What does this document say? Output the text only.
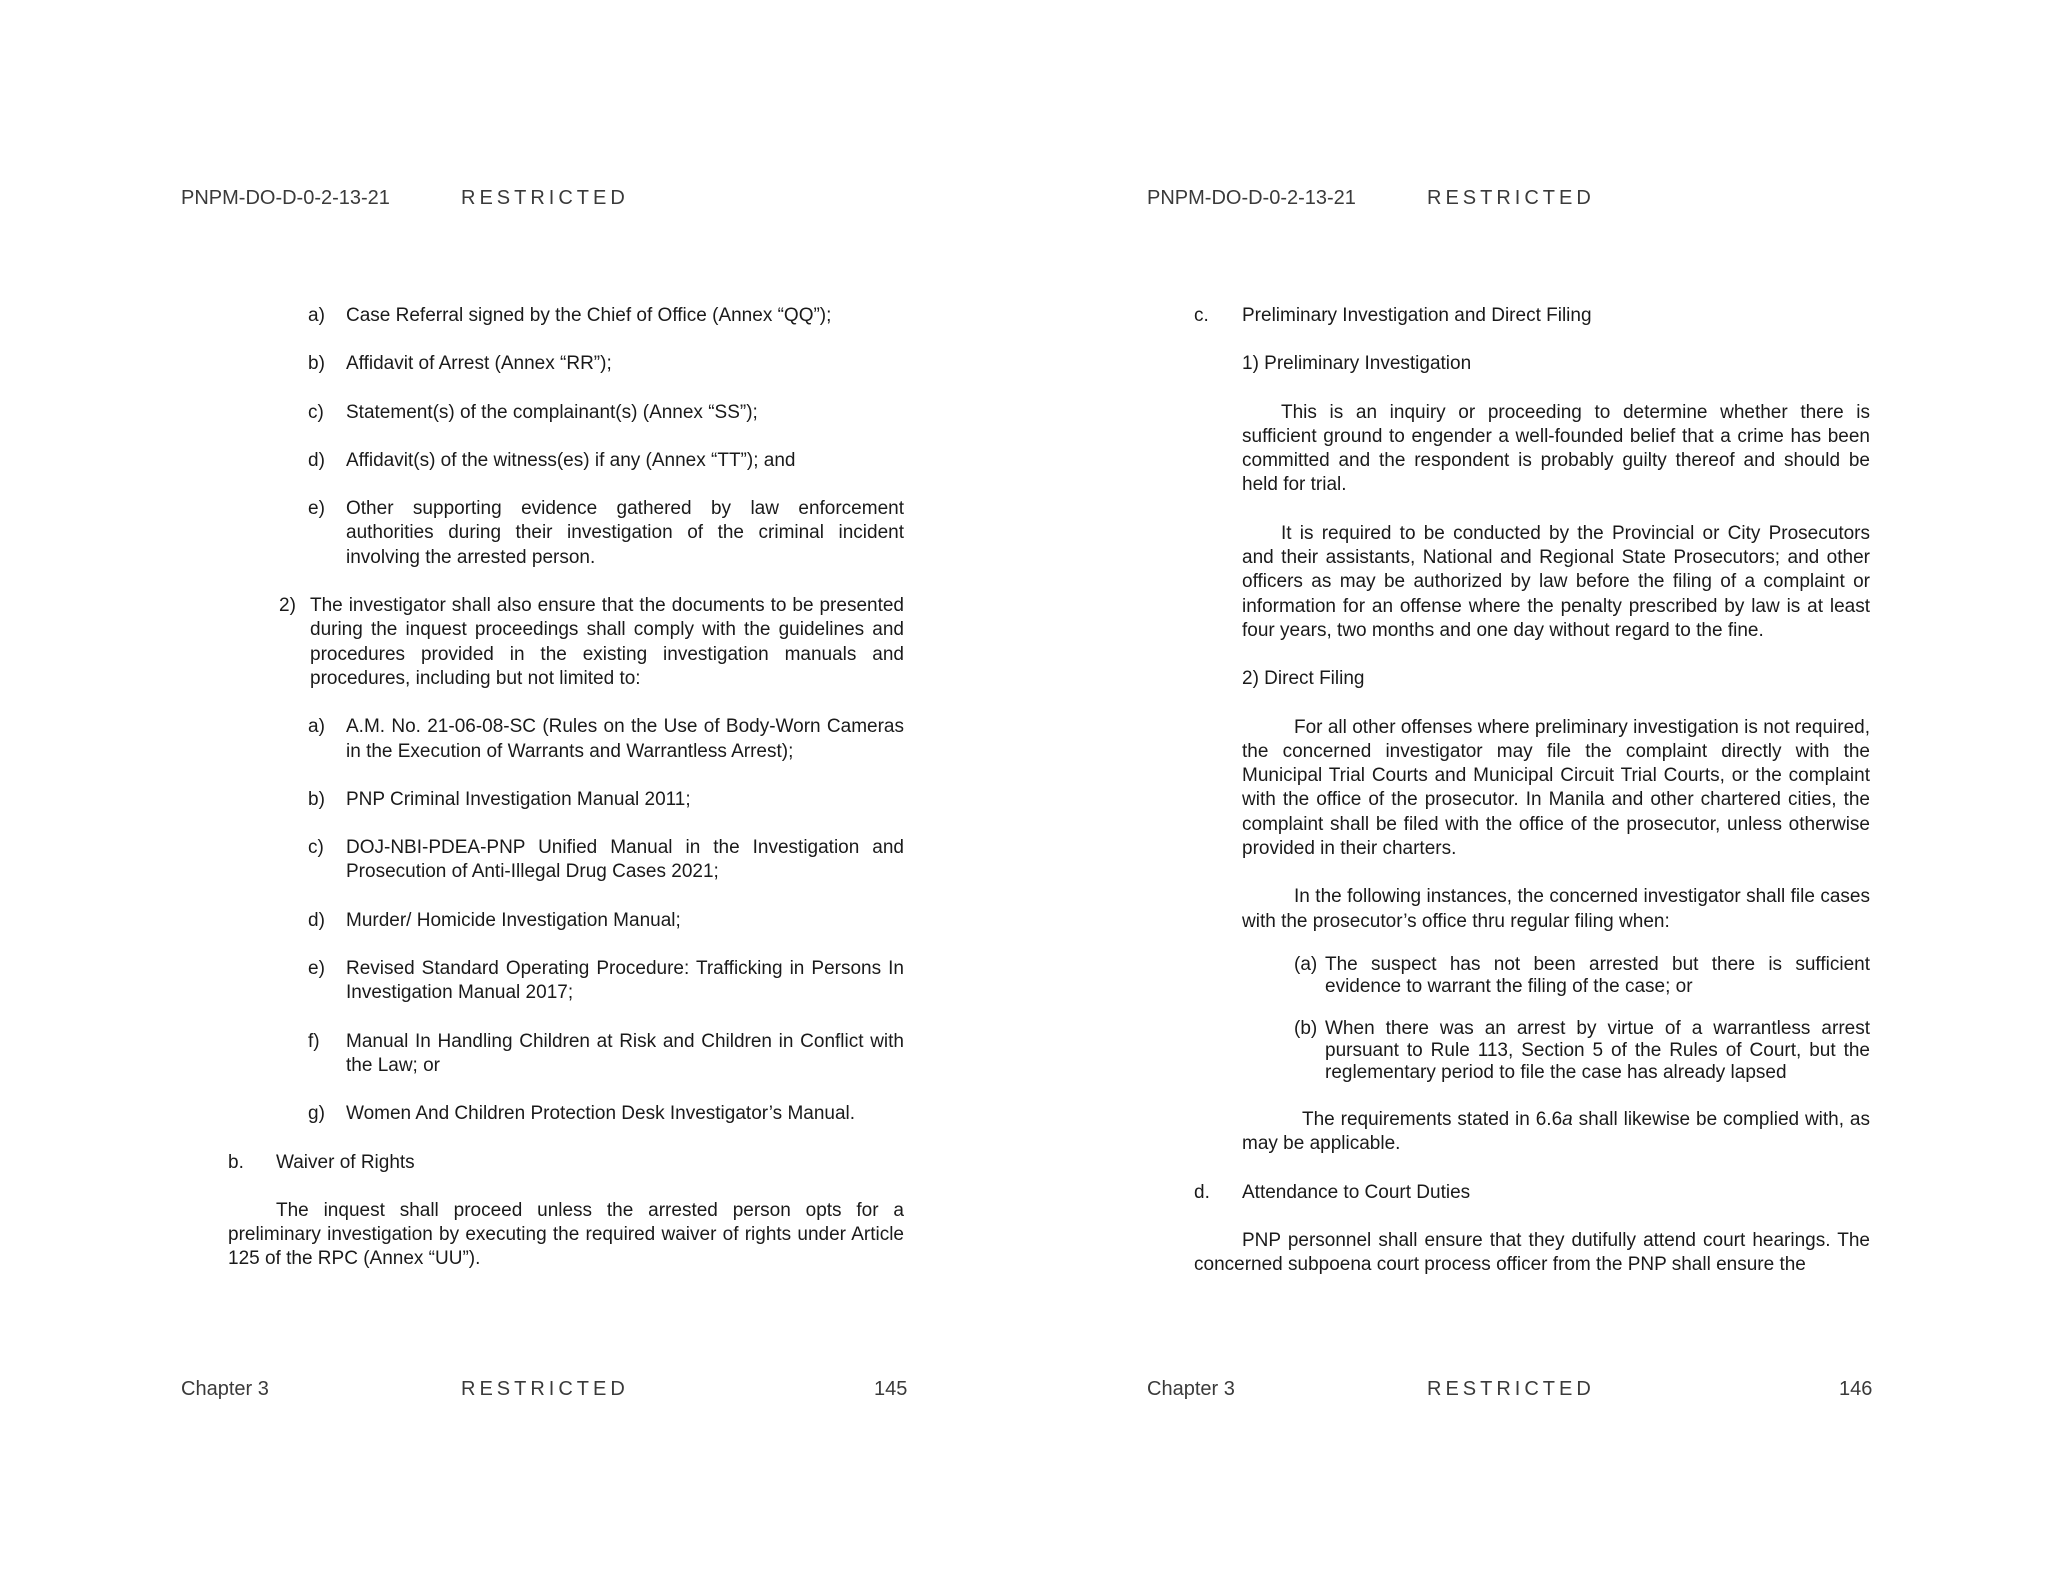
PNPM-DO-D-0-2-13-21	RESTRICTED
a)	Case Referral signed by the Chief of Office (Annex “QQ”);
b)	Affidavit of Arrest (Annex “RR”);
c)	Statement(s) of the complainant(s) (Annex “SS”);
d)	Affidavit(s) of the witness(es) if any (Annex “TT”); and
e)	Other supporting evidence gathered by law enforcement authorities during their investigation of the criminal incident involving the arrested person.
2) The investigator shall also ensure that the documents to be presented during the inquest proceedings shall comply with the guidelines and procedures provided in the existing investigation manuals and procedures, including but not limited to:
a)	A.M. No. 21-06-08-SC (Rules on the Use of Body-Worn Cameras in the Execution of Warrants and Warrantless Arrest);
b)	PNP Criminal Investigation Manual 2011;
c)	DOJ-NBI-PDEA-PNP Unified Manual in the Investigation and Prosecution of Anti-Illegal Drug Cases 2021;
d)	Murder/ Homicide Investigation Manual;
e)	Revised Standard Operating Procedure: Trafficking in Persons In Investigation Manual 2017;
f)	Manual In Handling Children at Risk and Children in Conflict with the Law; or
g)	Women And Children Protection Desk Investigator’s Manual.
b.	Waiver of Rights
The inquest shall proceed unless the arrested person opts for a preliminary investigation by executing the required waiver of rights under Article 125 of the RPC (Annex “UU”).
Chapter 3	RESTRICTED	145
PNPM-DO-D-0-2-13-21	RESTRICTED
c.	Preliminary Investigation and Direct Filing
1) Preliminary Investigation
This is an inquiry or proceeding to determine whether there is sufficient ground to engender a well-founded belief that a crime has been committed and the respondent is probably guilty thereof and should be held for trial.
It is required to be conducted by the Provincial or City Prosecutors and their assistants, National and Regional State Prosecutors; and other officers as may be authorized by law before the filing of a complaint or information for an offense where the penalty prescribed by law is at least four years, two months and one day without regard to the fine.
2) Direct Filing
For all other offenses where preliminary investigation is not required, the concerned investigator may file the complaint directly with the Municipal Trial Courts and Municipal Circuit Trial Courts, or the complaint with the office of the prosecutor. In Manila and other chartered cities, the complaint shall be filed with the office of the prosecutor, unless otherwise provided in their charters.
In the following instances, the concerned investigator shall file cases with the prosecutor’s office thru regular filing when:
(a) The suspect has not been arrested but there is sufficient evidence to warrant the filing of the case; or
(b) When there was an arrest by virtue of a warrantless arrest pursuant to Rule 113, Section 5 of the Rules of Court, but the reglementary period to file the case has already lapsed
The requirements stated in 6.6a shall likewise be complied with, as may be applicable.
d.	Attendance to Court Duties
PNP personnel shall ensure that they dutifully attend court hearings. The concerned subpoena court process officer from the PNP shall ensure the
Chapter 3	RESTRICTED	146
